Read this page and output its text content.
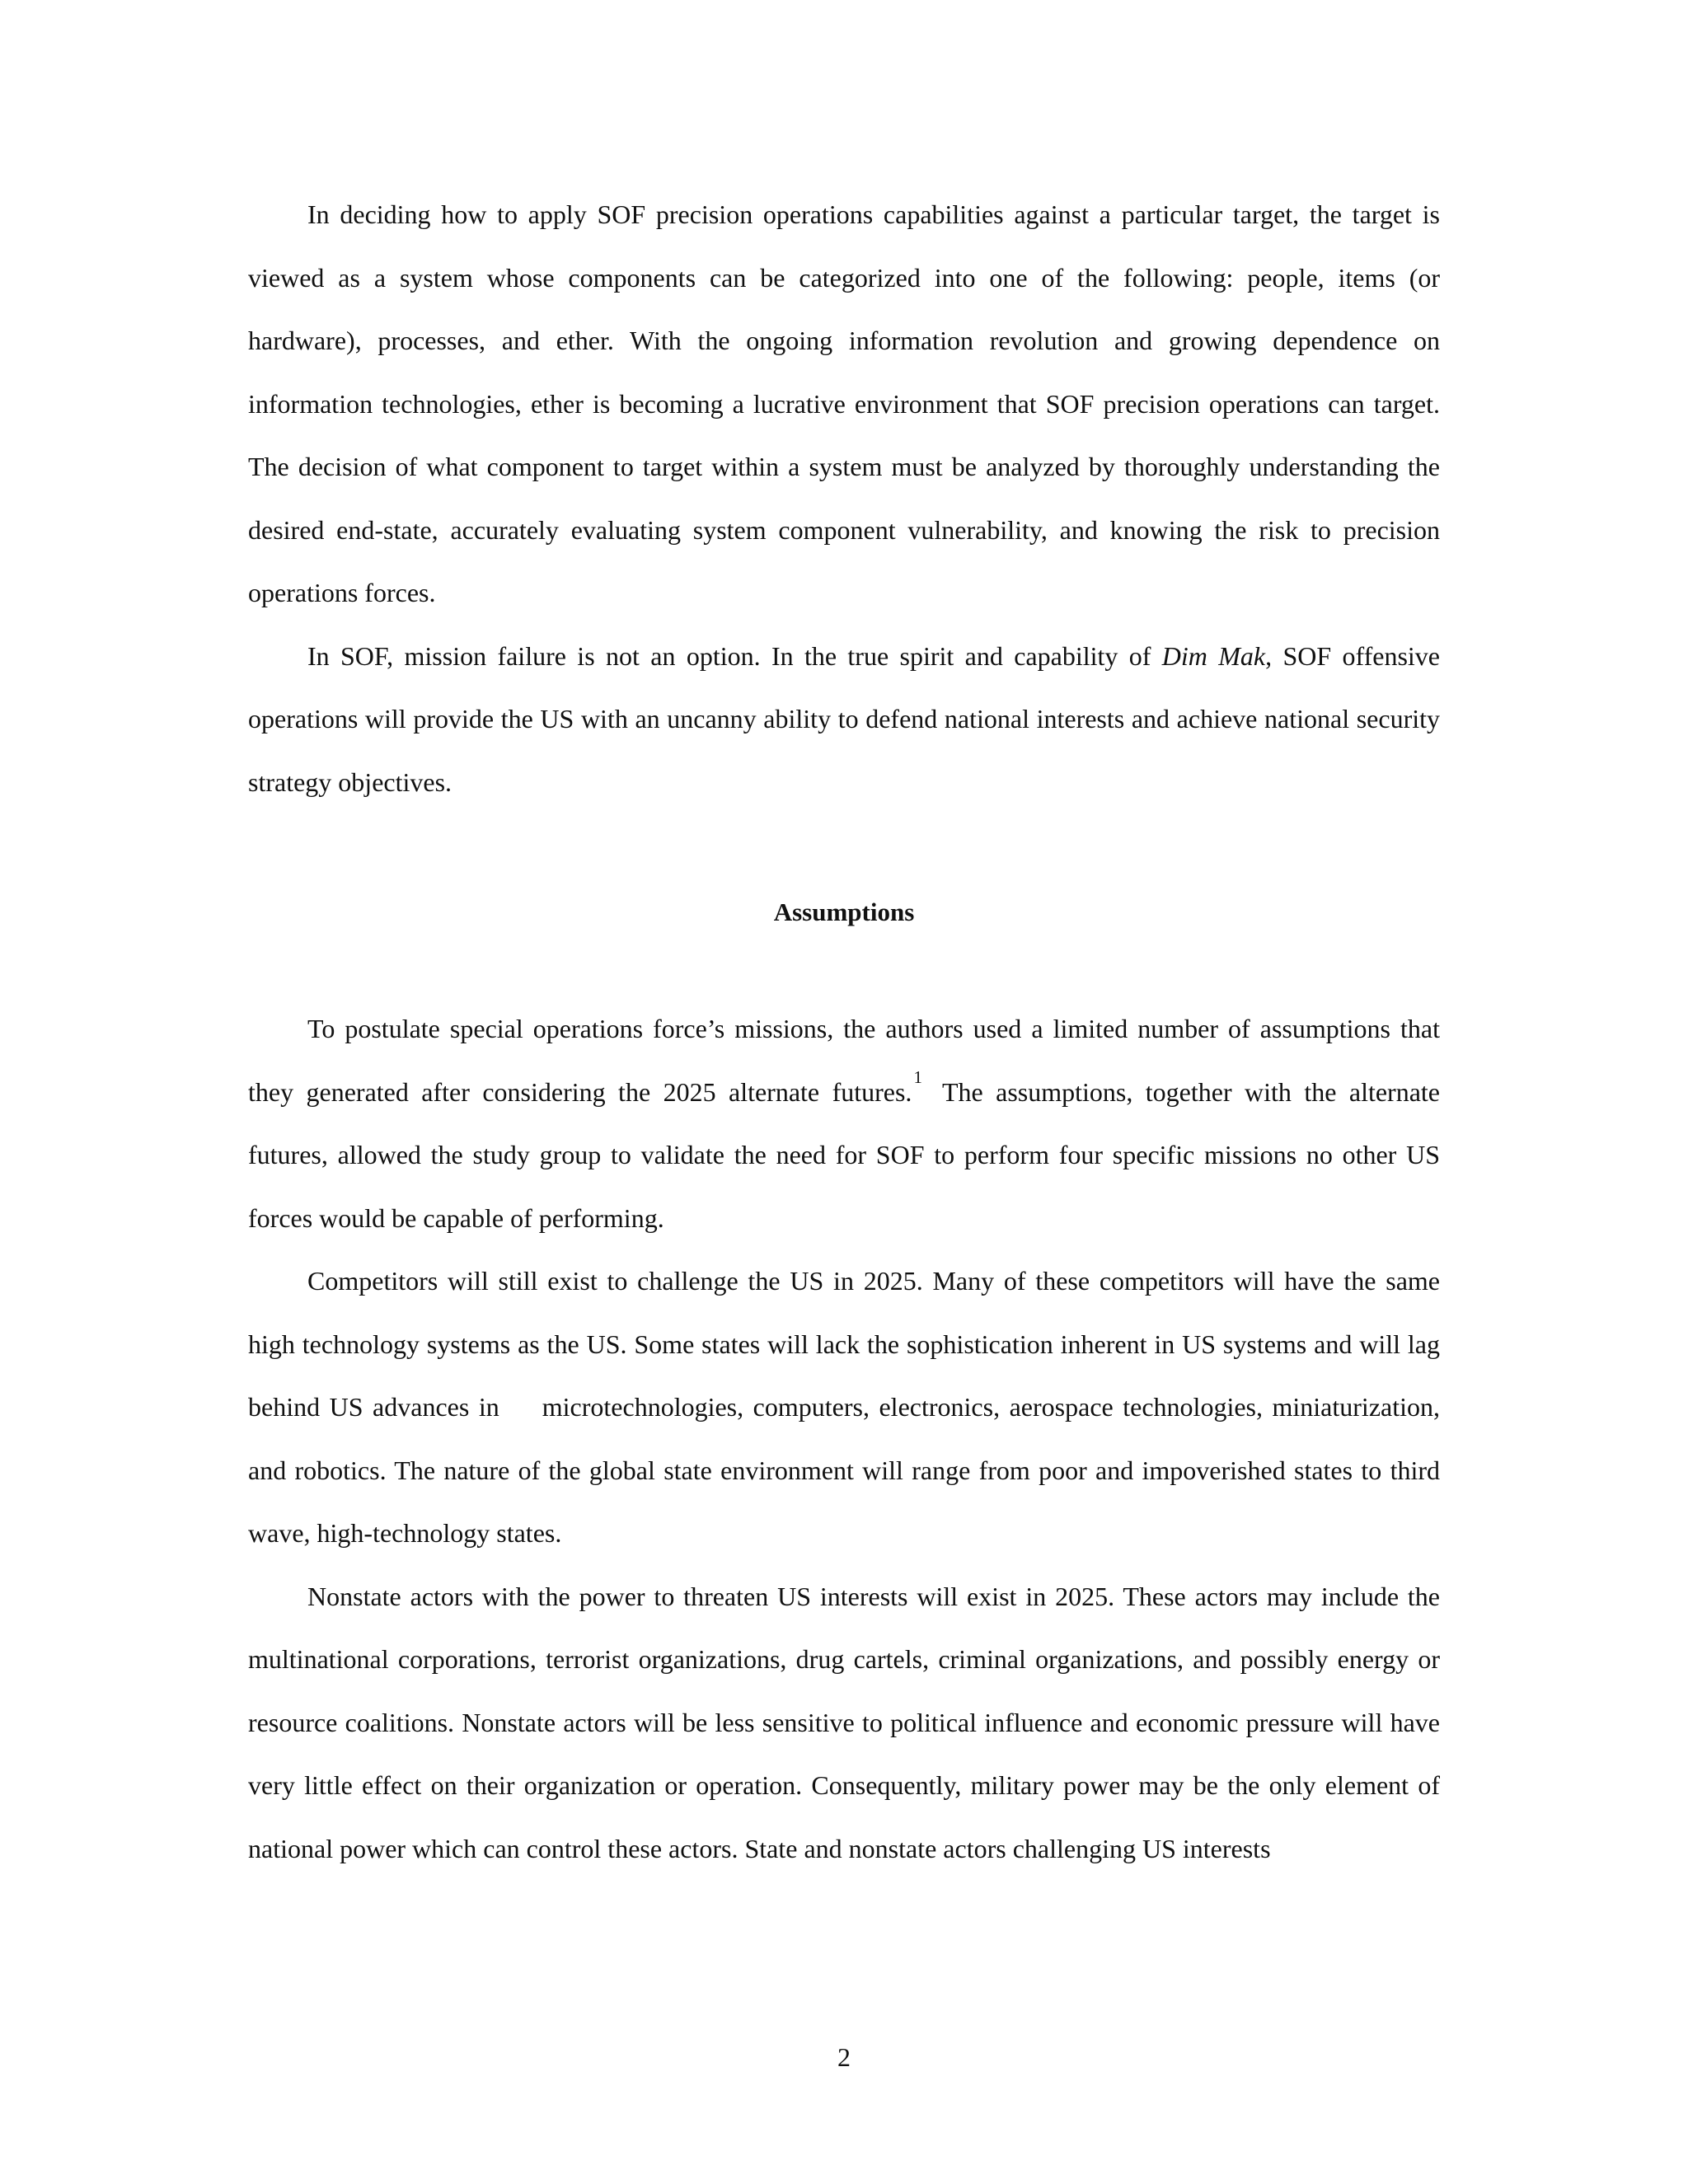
In deciding how to apply SOF precision operations capabilities against a particular target, the target is viewed as a system whose components can be categorized into one of the following: people, items (or hardware), processes, and ether. With the ongoing information revolution and growing dependence on information technologies, ether is becoming a lucrative environment that SOF precision operations can target. The decision of what component to target within a system must be analyzed by thoroughly understanding the desired end-state, accurately evaluating system component vulnerability, and knowing the risk to precision operations forces.

In SOF, mission failure is not an option. In the true spirit and capability of Dim Mak, SOF offensive operations will provide the US with an uncanny ability to defend national interests and achieve national security strategy objectives.

Assumptions

To postulate special operations force’s missions, the authors used a limited number of assumptions that they generated after considering the 2025 alternate futures.$^1$ The assumptions, together with the alternate futures, allowed the study group to validate the need for SOF to perform four specific missions no other US forces would be capable of performing.

Competitors will still exist to challenge the US in 2025. Many of these competitors will have the same high technology systems as the US. Some states will lack the sophistication inherent in US systems and will lag behind US advances in microtechnologies, computers, electronics, aerospace technologies, miniaturization, and robotics. The nature of the global state environment will range from poor and impoverished states to third wave, high-technology states.

Nonstate actors with the power to threaten US interests will exist in 2025. These actors may include the multinational corporations, terrorist organizations, drug cartels, criminal organizations, and possibly energy or resource coalitions. Nonstate actors will be less sensitive to political influence and economic pressure will have very little effect on their organization or operation. Consequently, military power may be the only element of national power which can control these actors. State and nonstate actors challenging US interests

2
